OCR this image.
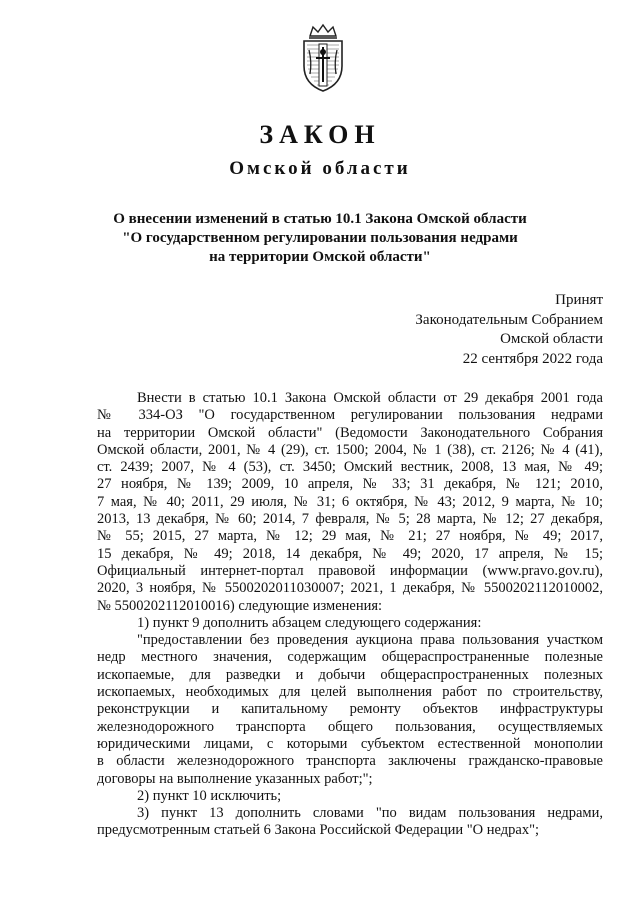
ЗАКОН
Омской области
О внесении изменений в статью 10.1 Закона Омской области
"О государственном регулировании пользования недрами
на территории Омской области"
Принят
Законодательным Собранием
Омской области
22 сентября 2022 года
Внести в статью 10.1 Закона Омской области от 29 декабря 2001 года
№ 334-ОЗ "О государственном регулировании пользования недрами
на территории Омской области" (Ведомости Законодательного Собрания
Омской области, 2001, № 4 (29), ст. 1500; 2004, № 1 (38), ст. 2126; № 4 (41),
ст. 2439; 2007, № 4 (53), ст. 3450; Омский вестник, 2008, 13 мая, № 49;
27 ноября, № 139; 2009, 10 апреля, № 33; 31 декабря, № 121; 2010,
7 мая, № 40; 2011, 29 июля, № 31; 6 октября, № 43; 2012, 9 марта, № 10;
2013, 13 декабря, № 60; 2014, 7 февраля, № 5; 28 марта, № 12; 27 декабря,
№ 55; 2015, 27 марта, № 12; 29 мая, № 21; 27 ноября, № 49; 2017,
15 декабря, № 49; 2018, 14 декабря, № 49; 2020, 17 апреля, № 15;
Официальный интернет-портал правовой информации (www.pravo.gov.ru),
2020, 3 ноября, № 5500202011030007; 2021, 1 декабря, № 5500202112010002,
№ 5500202112010016) следующие изменения:
1) пункт 9 дополнить абзацем следующего содержания:
"предоставлении без проведения аукциона права пользования участком
недр местного значения, содержащим общераспространенные полезные
ископаемые, для разведки и добычи общераспространенных полезных
ископаемых, необходимых для целей выполнения работ по строительству,
реконструкции и капитальному ремонту объектов инфраструктуры
железнодорожного транспорта общего пользования, осуществляемых
юридическими лицами, с которыми субъектом естественной монополии
в области железнодорожного транспорта заключены гражданско-правовые
договоры на выполнение указанных работ;";
2) пункт 10 исключить;
3) пункт 13 дополнить словами "по видам пользования недрами,
предусмотренным статьей 6 Закона Российской Федерации "О недрах";
